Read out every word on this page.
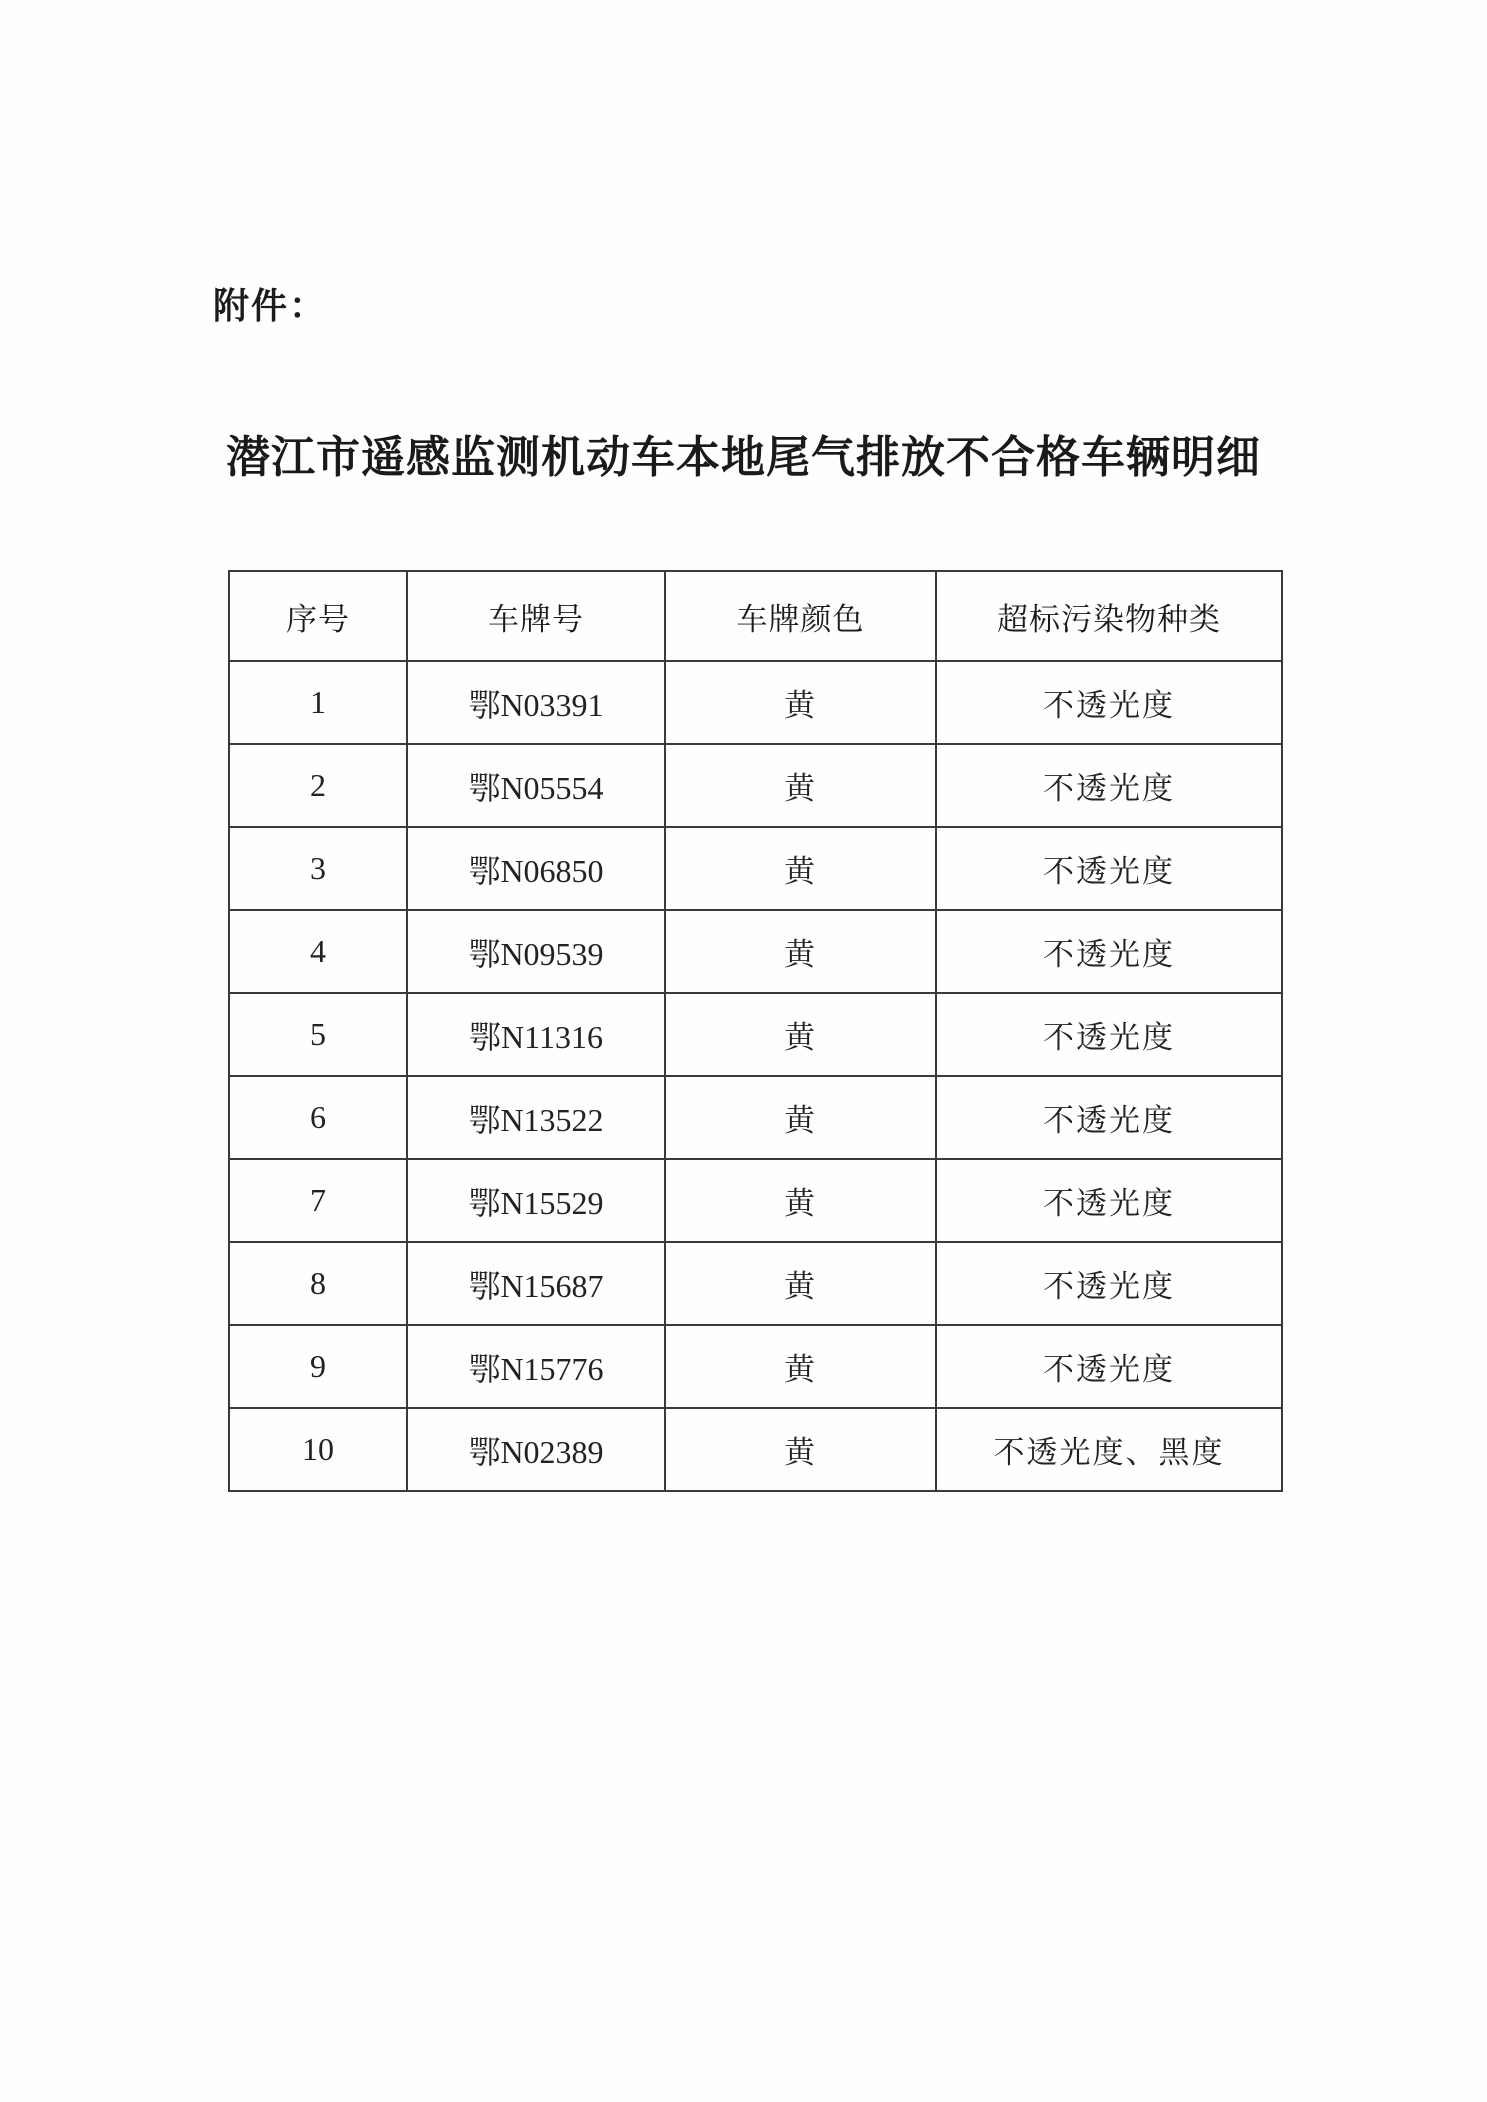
附件：
潜江市遥感监测机动车本地尾气排放不合格车辆明细
序号	车牌号	车牌颜色	超标污染物种类
1	鄂N03391	黄	不透光度
2	鄂N05554	黄	不透光度
3	鄂N06850	黄	不透光度
4	鄂N09539	黄	不透光度
5	鄂N11316	黄	不透光度
6	鄂N13522	黄	不透光度
7	鄂N15529	黄	不透光度
8	鄂N15687	黄	不透光度
9	鄂N15776	黄	不透光度
10	鄂N02389	黄	不透光度、黑度
